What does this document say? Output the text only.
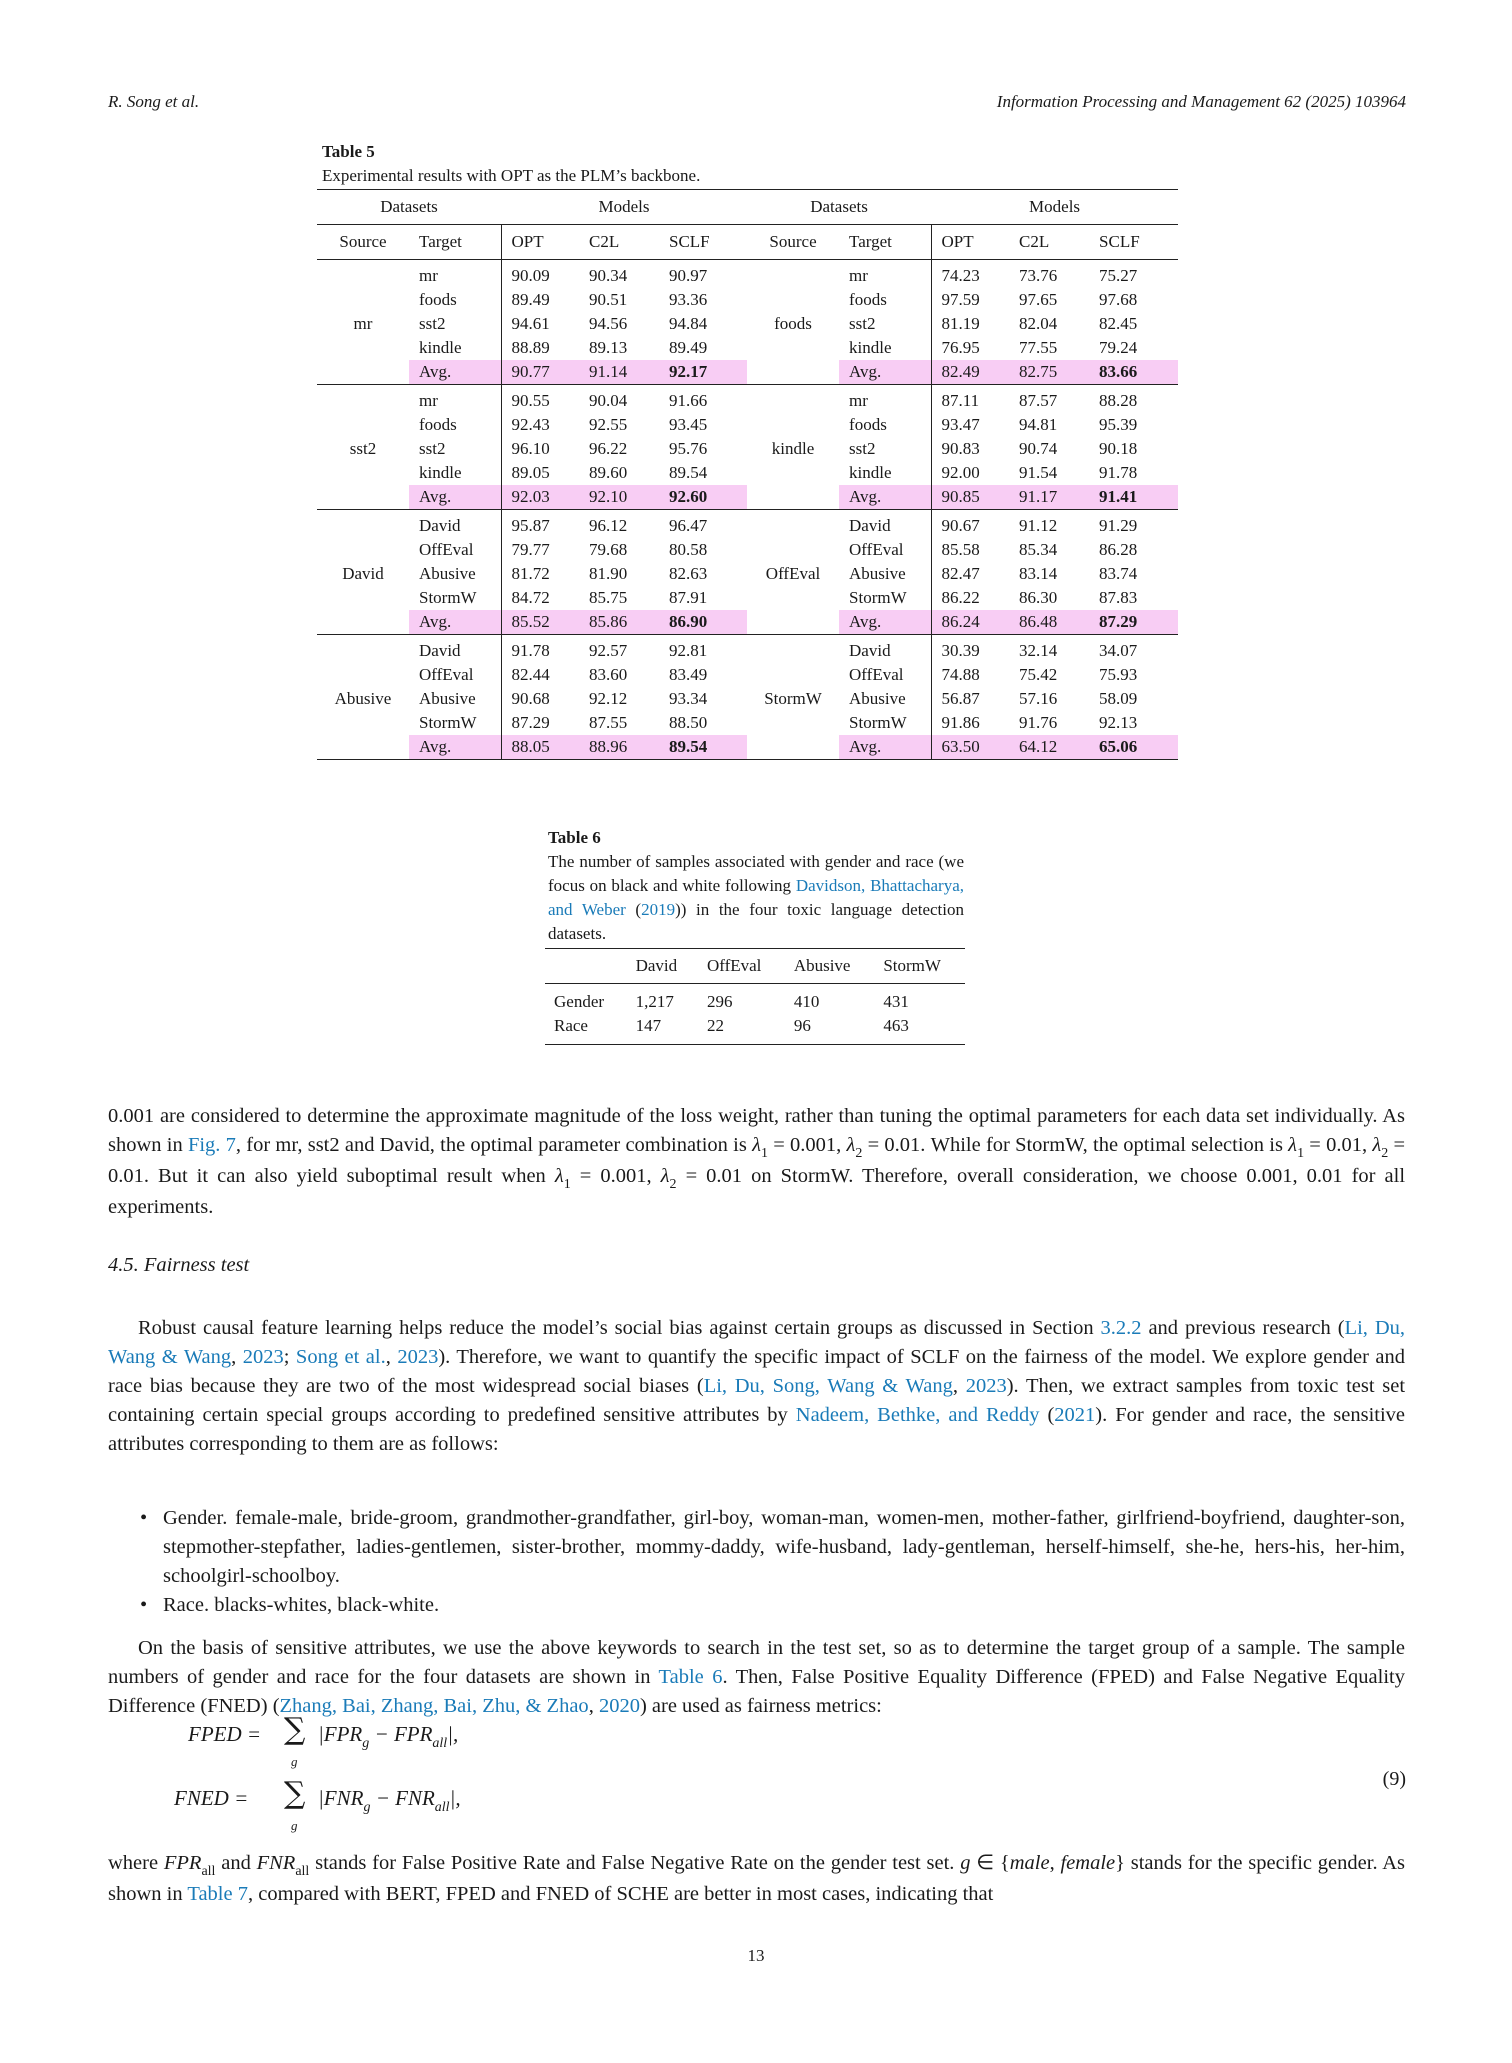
R. Song et al.	Information Processing and Management 62 (2025) 103964
Table 5
Experimental results with OPT as the PLM’s backbone.
Datasets		Models			Datasets		Models		
Source	Target	OPT	C2L	SCLF	Source	Target	OPT	C2L	SCLF
mr	mr	90.09	90.34	90.97	foods	mr	74.23	73.76	75.27
	foods	89.49	90.51	93.36		foods	97.59	97.65	97.68
	sst2	94.61	94.56	94.84		sst2	81.19	82.04	82.45
	kindle	88.89	89.13	89.49		kindle	76.95	77.55	79.24
	Avg.	90.77	91.14	92.17		Avg.	82.49	82.75	83.66
sst2	mr	90.55	90.04	91.66	kindle	mr	87.11	87.57	88.28
	foods	92.43	92.55	93.45		foods	93.47	94.81	95.39
	sst2	96.10	96.22	95.76		sst2	90.83	90.74	90.18
	kindle	89.05	89.60	89.54		kindle	92.00	91.54	91.78
	Avg.	92.03	92.10	92.60		Avg.	90.85	91.17	91.41
David	David	95.87	96.12	96.47	OffEval	David	90.67	91.12	91.29
	OffEval	79.77	79.68	80.58		OffEval	85.58	85.34	86.28
	Abusive	81.72	81.90	82.63		Abusive	82.47	83.14	83.74
	StormW	84.72	85.75	87.91		StormW	86.22	86.30	87.83
	Avg.	85.52	85.86	86.90		Avg.	86.24	86.48	87.29
Abusive	David	91.78	92.57	92.81	StormW	David	30.39	32.14	34.07
	OffEval	82.44	83.60	83.49		OffEval	74.88	75.42	75.93
	Abusive	90.68	92.12	93.34		Abusive	56.87	57.16	58.09
	StormW	87.29	87.55	88.50		StormW	91.86	91.76	92.13
	Avg.	88.05	88.96	89.54		Avg.	63.50	64.12	65.06
Table 6
The number of samples associated with gender and race (we focus on black and white following Davidson, Bhattacharya, and Weber (2019)) in the four toxic language detection datasets.
	David	OffEval	Abusive	StormW
Gender	1,217	296	410	431
Race	147	22	96	463
0.001 are considered to determine the approximate magnitude of the loss weight, rather than tuning the optimal parameters for each data set individually. As shown in Fig. 7, for mr, sst2 and David, the optimal parameter combination is $\lambda_1 = 0.001$, $\lambda_2 = 0.01$. While for StormW, the optimal selection is $\lambda_1 = 0.01$, $\lambda_2 = 0.01$. But it can also yield suboptimal result when $\lambda_1 = 0.001$, $\lambda_2 = 0.01$ on StormW. Therefore, overall consideration, we choose 0.001, 0.01 for all experiments.
4.5. Fairness test
Robust causal feature learning helps reduce the model’s social bias against certain groups as discussed in Section 3.2.2 and previous research (Li, Du, Wang & Wang, 2023; Song et al., 2023). Therefore, we want to quantify the specific impact of SCLF on the fairness of the model. We explore gender and race bias because they are two of the most widespread social biases (Li, Du, Song, Wang & Wang, 2023). Then, we extract samples from toxic test set containing certain special groups according to predefined sensitive attributes by Nadeem, Bethke, and Reddy (2021). For gender and race, the sensitive attributes corresponding to them are as follows:
• Gender. female-male, bride-groom, grandmother-grandfather, girl-boy, woman-man, women-men, mother-father, girlfriend-boyfriend, daughter-son, stepmother-stepfather, ladies-gentlemen, sister-brother, mommy-daddy, wife-husband, lady-gentleman, herself-himself, she-he, hers-his, her-him, schoolgirl-schoolboy.
• Race. blacks-whites, black-white.
On the basis of sensitive attributes, we use the above keywords to search in the test set, so as to determine the target group of a sample. The sample numbers of gender and race for the four datasets are shown in Table 6. Then, False Positive Equality Difference (FPED) and False Negative Equality Difference (FNED) (Zhang, Bai, Zhang, Bai, Zhu, & Zhao, 2020) are used as fairness metrics:
FPED = ∑
g
$|FPR_g - FPR_{all}|$,
FNED = ∑
g
$|FNR_g - FNR_{all}|$,
(9)
where $FPR_{all}$ and $FNR_{all}$ stands for False Positive Rate and False Negative Rate on the gender test set. g ∈ {male, female} stands for the specific gender. As shown in Table 7, compared with BERT, FPED and FNED of SCHE are better in most cases, indicating that
13
